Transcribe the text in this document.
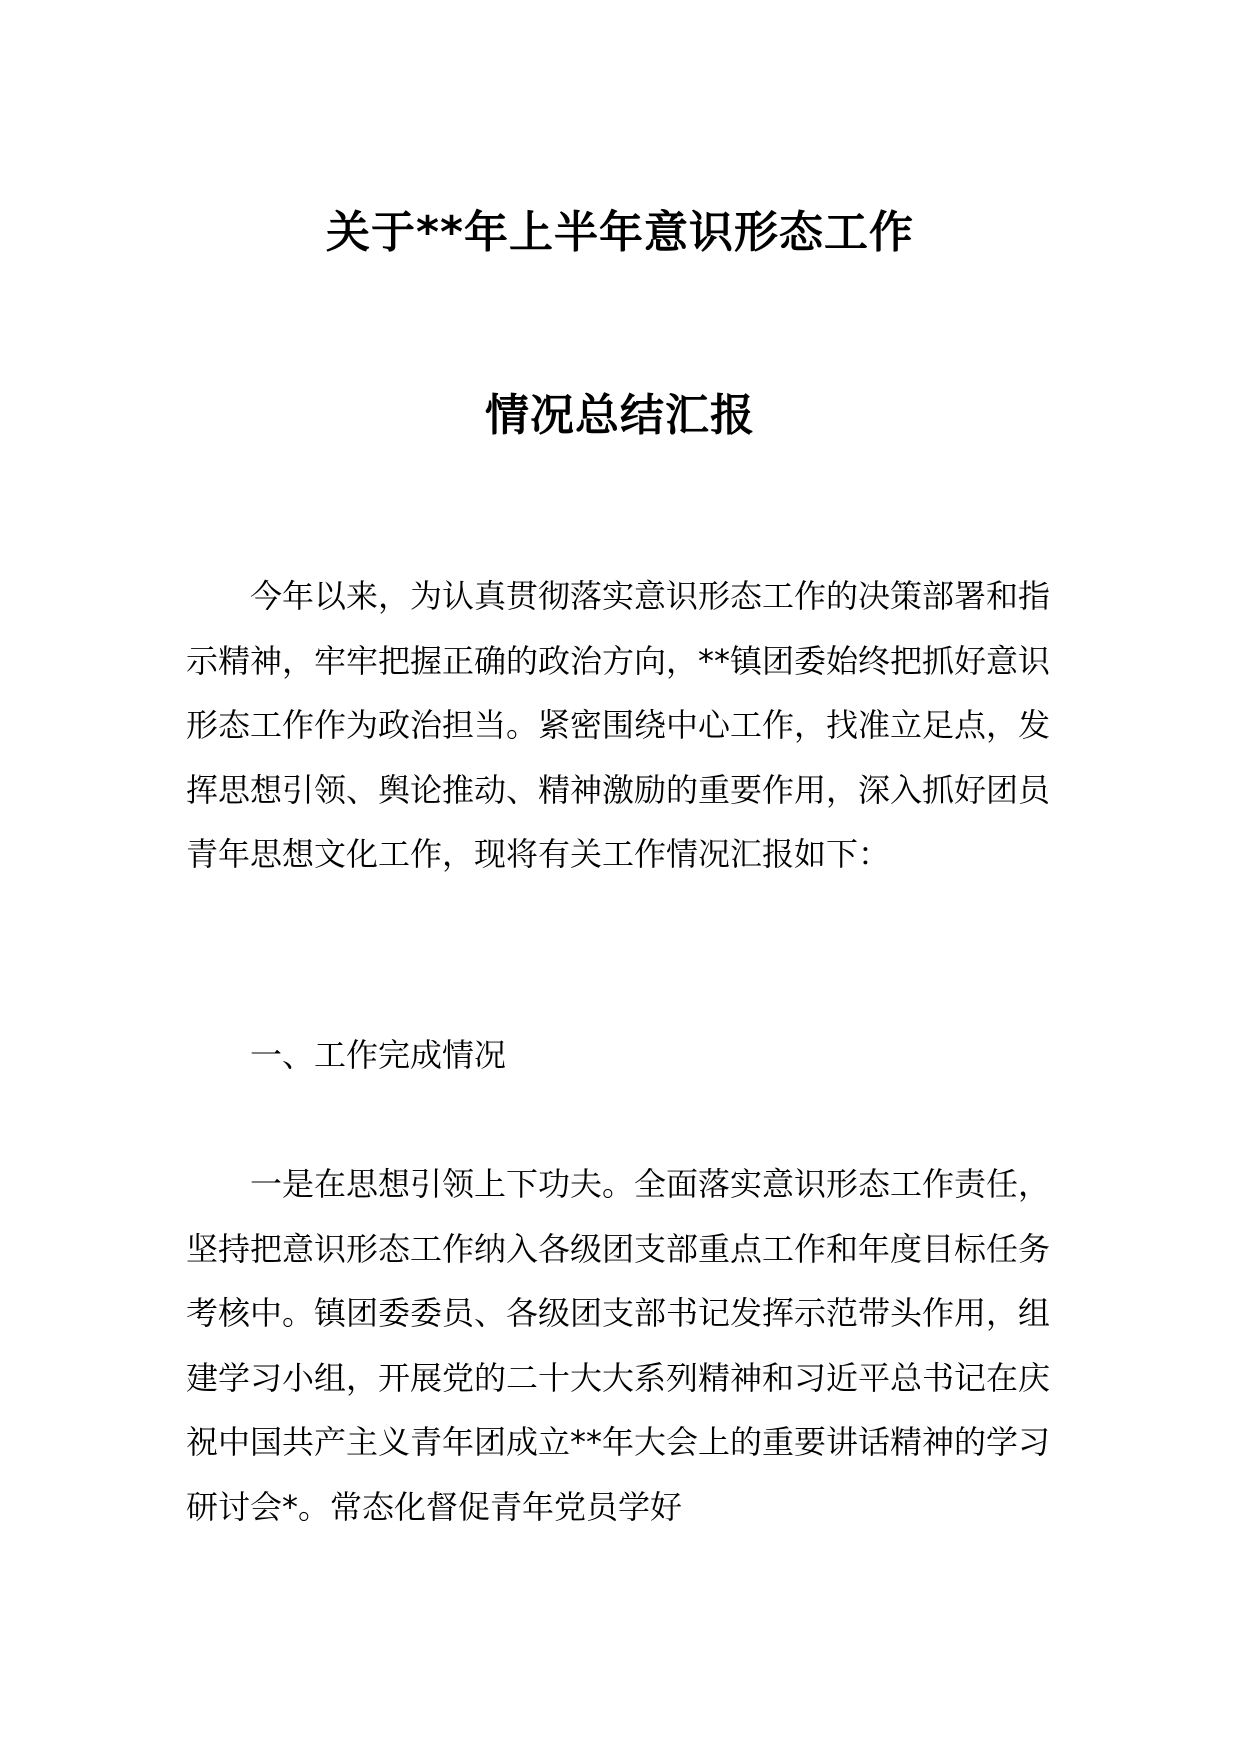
关于**年上半年意识形态工作
情况总结汇报

今年以来，为认真贯彻落实意识形态工作的决策部署和指示精神，牢牢把握正确的政治方向，**镇团委始终把抓好意识形态工作作为政治担当。紧密围绕中心工作，找准立足点，发挥思想引领、舆论推动、精神激励的重要作用，深入抓好团员青年思想文化工作，现将有关工作情况汇报如下：

一、工作完成情况

一是在思想引领上下功夫。全面落实意识形态工作责任，坚持把意识形态工作纳入各级团支部重点工作和年度目标任务考核中。镇团委委员、各级团支部书记发挥示范带头作用，组建学习小组，开展党的二十大大系列精神和习近平总书记在庆祝中国共产主义青年团成立**年大会上的重要讲话精神的学习研讨会*。常态化督促青年党员学好
